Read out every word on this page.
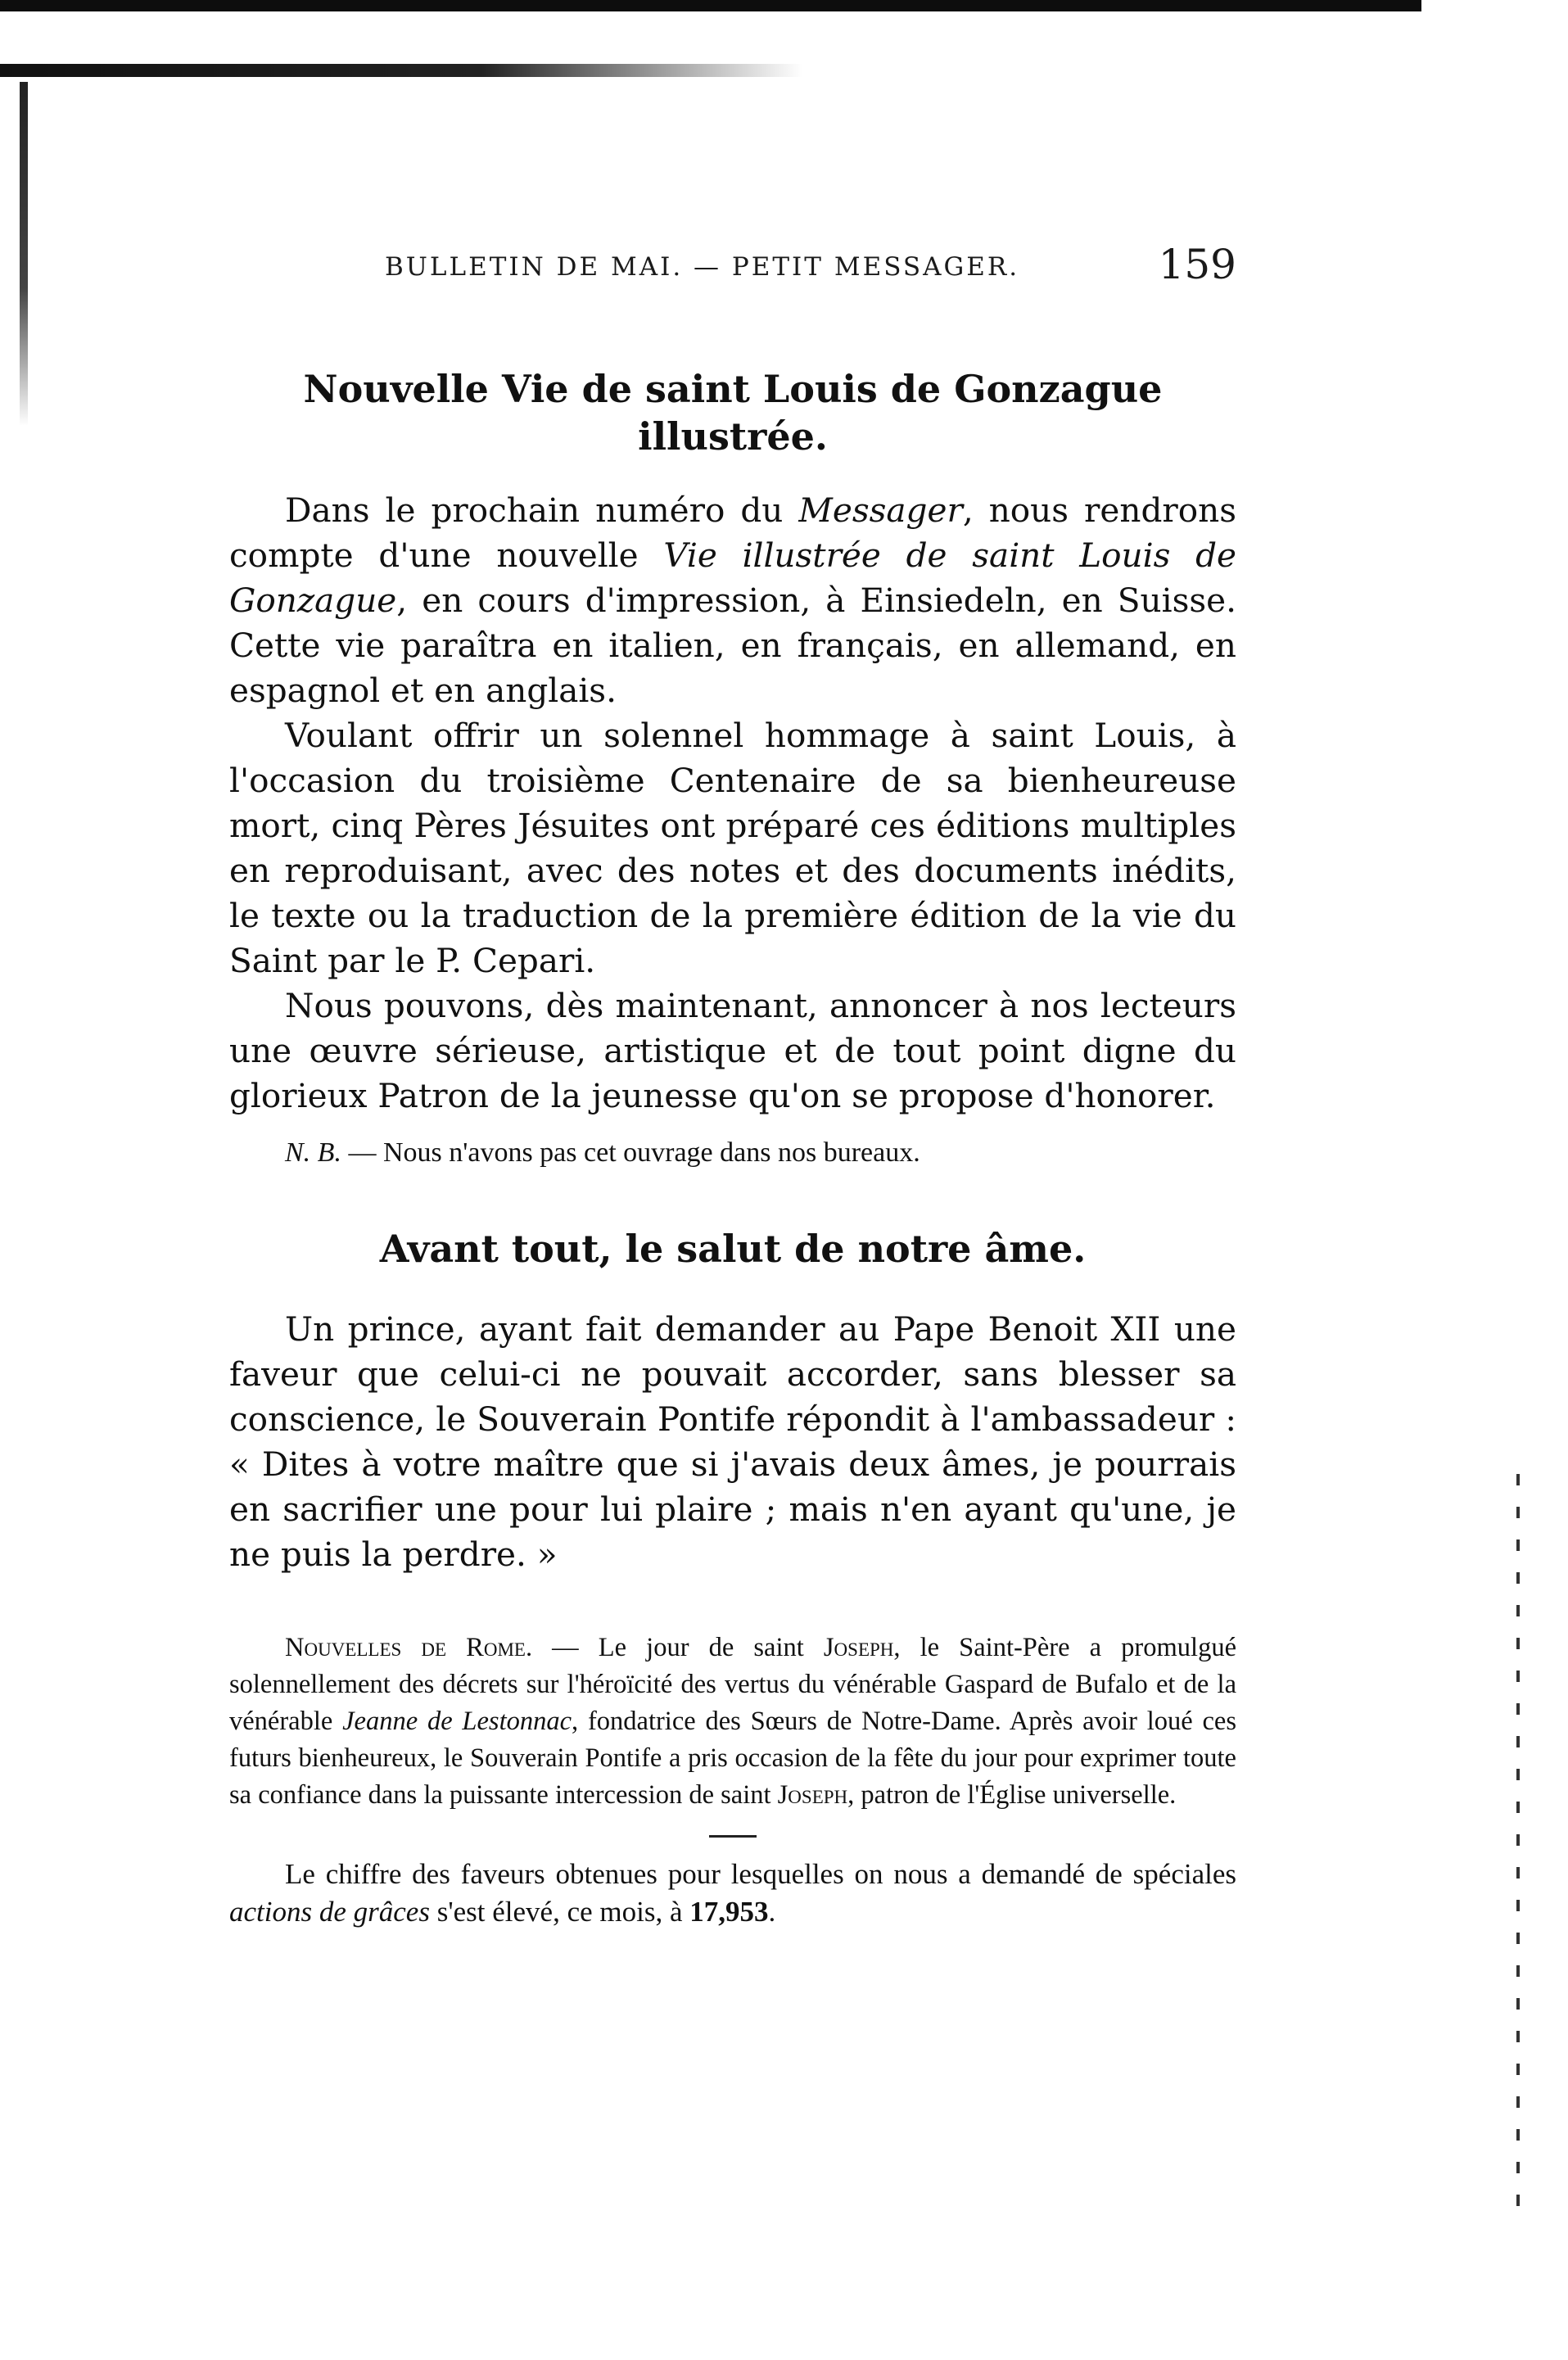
BULLETIN DE MAI. — PETIT MESSAGER.	159
Nouvelle Vie de saint Louis de Gonzague illustrée.

Dans le prochain numéro du Messager, nous rendrons compte d'une nouvelle Vie illustrée de saint Louis de Gonzague, en cours d'impression, à Einsiedeln, en Suisse. Cette vie paraîtra en italien, en français, en allemand, en espagnol et en anglais.

Voulant offrir un solennel hommage à saint Louis, à l'occasion du troisième Centenaire de sa bienheureuse mort, cinq Pères Jésuites ont préparé ces éditions multiples en reproduisant, avec des notes et des documents inédits, le texte ou la traduction de la première édition de la vie du Saint par le P. Cepari.

Nous pouvons, dès maintenant, annoncer à nos lecteurs une œuvre sérieuse, artistique et de tout point digne du glorieux Patron de la jeunesse qu'on se propose d'honorer.

N. B. — Nous n'avons pas cet ouvrage dans nos bureaux.

Avant tout, le salut de notre âme.

Un prince, ayant fait demander au Pape Benoit XII une faveur que celui-ci ne pouvait accorder, sans blesser sa conscience, le Souverain Pontife répondit à l'ambassadeur : « Dites à votre maître que si j'avais deux âmes, je pourrais en sacrifier une pour lui plaire ; mais n'en ayant qu'une, je ne puis la perdre. »

Nouvelles de Rome. — Le jour de saint Joseph, le Saint-Père a promulgué solennellement des décrets sur l'héroïcité des vertus du vénérable Gaspard de Bufalo et de la vénérable Jeanne de Lestonnac, fondatrice des Sœurs de Notre-Dame. Après avoir loué ces futurs bienheureux, le Souverain Pontife a pris occasion de la fête du jour pour exprimer toute sa confiance dans la puissante intercession de saint Joseph, patron de l'Église universelle.

Le chiffre des faveurs obtenues pour lesquelles on nous a demandé de spéciales actions de grâces s'est élevé, ce mois, à 17,953.
